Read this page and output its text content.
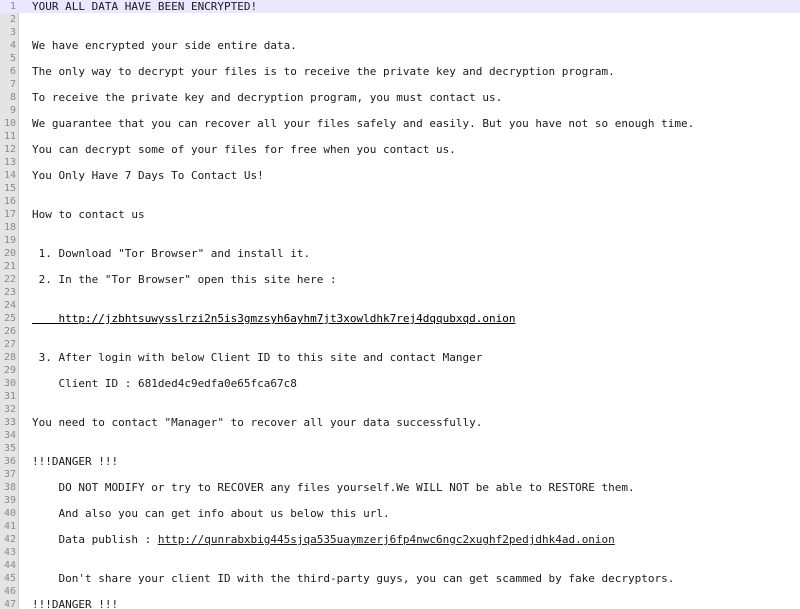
1 YOUR ALL DATA HAVE BEEN ENCRYPTED!
2
3
4 We have encrypted your side entire data.
5
6 The only way to decrypt your files is to receive the private key and decryption program.
7
8 To receive the private key and decryption program, you must contact us.
9
10 We guarantee that you can recover all your files safely and easily. But you have not so enough time.
11
12 You can decrypt some of your files for free when you contact us.
13
14 You Only Have 7 Days To Contact Us!
15
16
17 How to contact us
18
19
20 1. Download "Tor Browser" and install it.
21
22 2. In the "Tor Browser" open this site here :
23
24
25 http://jzbhtsuwysslrzi2n5is3gmzsyh6ayhm7jt3xowldhk7rej4dqqubxqd.onion
26
27
28 3. After login with below Client ID to this site and contact Manger
29
30 Client ID : 681ded4c9edfa0e65fca67c8
31
32
33 You need to contact "Manager" to recover all your data successfully.
34
35
36 !!!DANGER !!!
37
38 DO NOT MODIFY or try to RECOVER any files yourself.We WILL NOT be able to RESTORE them.
39
40 And also you can get info about us below this url.
41
42 Data publish : http://qunrabxbig445sjqa535uaymzerj6fp4nwc6ngc2xughf2pedjdhk4ad.onion
43
44
45 Don't share your client ID with the third-party guys, you can get scammed by fake decryptors.
46
47 !!!DANGER !!!
